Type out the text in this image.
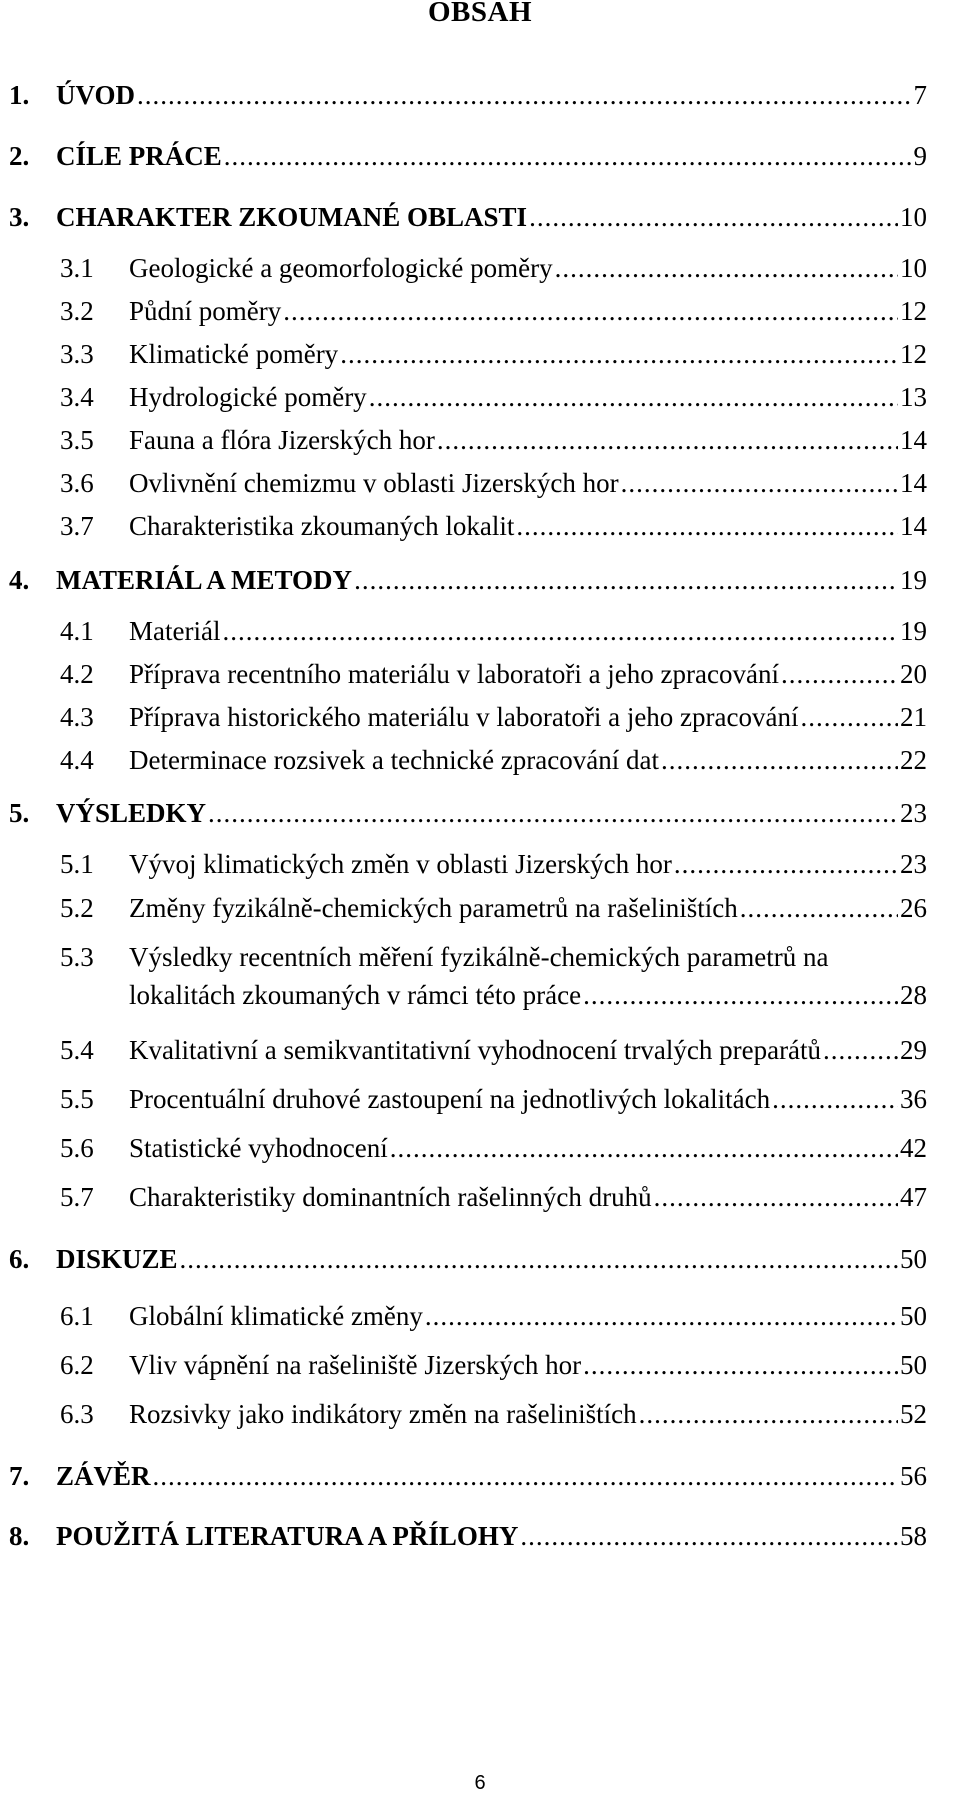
OBSAH
1. ÚVOD .....	7
2. CÍLE PRÁCE .....	9
3. CHARAKTER ZKOUMANÉ OBLASTI .....	10
3.1	Geologické a geomorfologické poměry .....	10
3.2	Půdní poměry .....	12
3.3	Klimatické poměry .....	12
3.4	Hydrologické poměry .....	13
3.5	Fauna a flóra Jizerských hor .....	14
3.6	Ovlivnění chemizmu v oblasti Jizerských hor .....	14
3.7	Charakteristika zkoumaných lokalit .....	14
4. MATERIÁL A METODY .....	19
4.1	Materiál .....	19
4.2	Příprava recentního materiálu v laboratoři a jeho zpracování .....	20
4.3	Příprava historického materiálu v laboratoři a jeho zpracování .....	21
4.4	Determinace rozsivek a technické zpracování dat .....	22
5. VÝSLEDKY .....	23
5.1	Vývoj klimatických změn v oblasti Jizerských hor .....	23
5.2	Změny fyzikálně-chemických parametrů na rašeliništích .....	26
5.3	Výsledky recentních měření fyzikálně-chemických parametrů na
lokalitách zkoumaných v rámci této práce .....	28
5.4	Kvalitativní a semikvantitativní vyhodnocení trvalých preparátů .....	29
5.5	Procentuální druhové zastoupení na jednotlivých lokalitách .....	36
5.6	Statistické vyhodnocení .....	42
5.7	Charakteristiky dominantních rašelinných druhů .....	47
6. DISKUZE .....	50
6.1	Globální klimatické změny .....	50
6.2	Vliv vápnění na rašeliniště Jizerských hor .....	50
6.3	Rozsivky jako indikátory změn na rašeliništích .....	52
7. ZÁVĚR .....	56
8. POUŽITÁ LITERATURA A PŘÍLOHY .....	58
6
